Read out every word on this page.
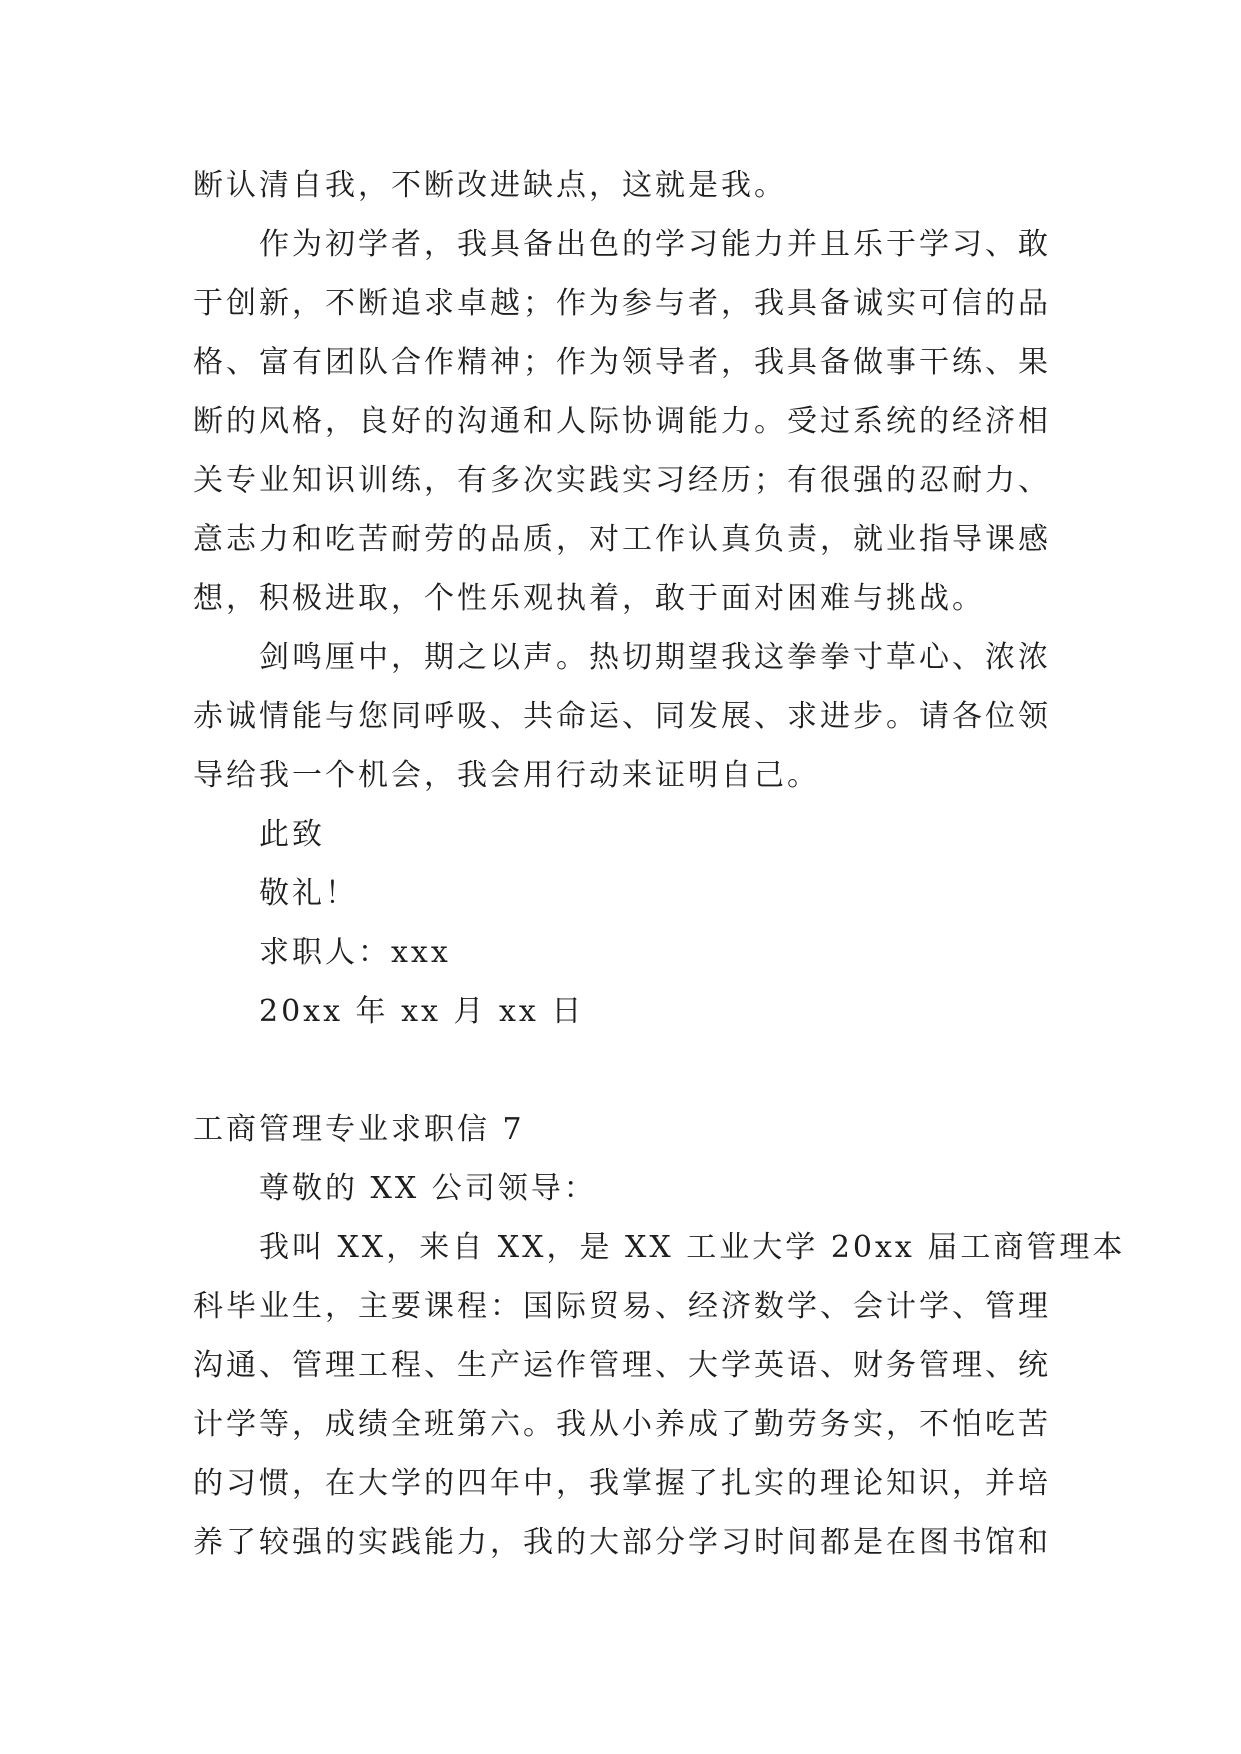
断认清自我，不断改进缺点，这就是我。
作为初学者，我具备出色的学习能力并且乐于学习、敢
于创新，不断追求卓越；作为参与者，我具备诚实可信的品
格、富有团队合作精神；作为领导者，我具备做事干练、果
断的风格，良好的沟通和人际协调能力。受过系统的经济相
关专业知识训练，有多次实践实习经历；有很强的忍耐力、
意志力和吃苦耐劳的品质，对工作认真负责，就业指导课感
想，积极进取，个性乐观执着，敢于面对困难与挑战。
剑鸣厘中，期之以声。热切期望我这拳拳寸草心、浓浓
赤诚情能与您同呼吸、共命运、同发展、求进步。请各位领
导给我一个机会，我会用行动来证明自己。
此致
敬礼！
求职人：xxx
20xx 年 xx 月 xx 日
工商管理专业求职信 7
尊敬的 XX 公司领导：
我叫 XX，来自 XX，是 XX 工业大学 20xx 届工商管理本
科毕业生，主要课程：国际贸易、经济数学、会计学、管理
沟通、管理工程、生产运作管理、大学英语、财务管理、统
计学等，成绩全班第六。我从小养成了勤劳务实，不怕吃苦
的习惯，在大学的四年中，我掌握了扎实的理论知识，并培
养了较强的实践能力，我的大部分学习时间都是在图书馆和
